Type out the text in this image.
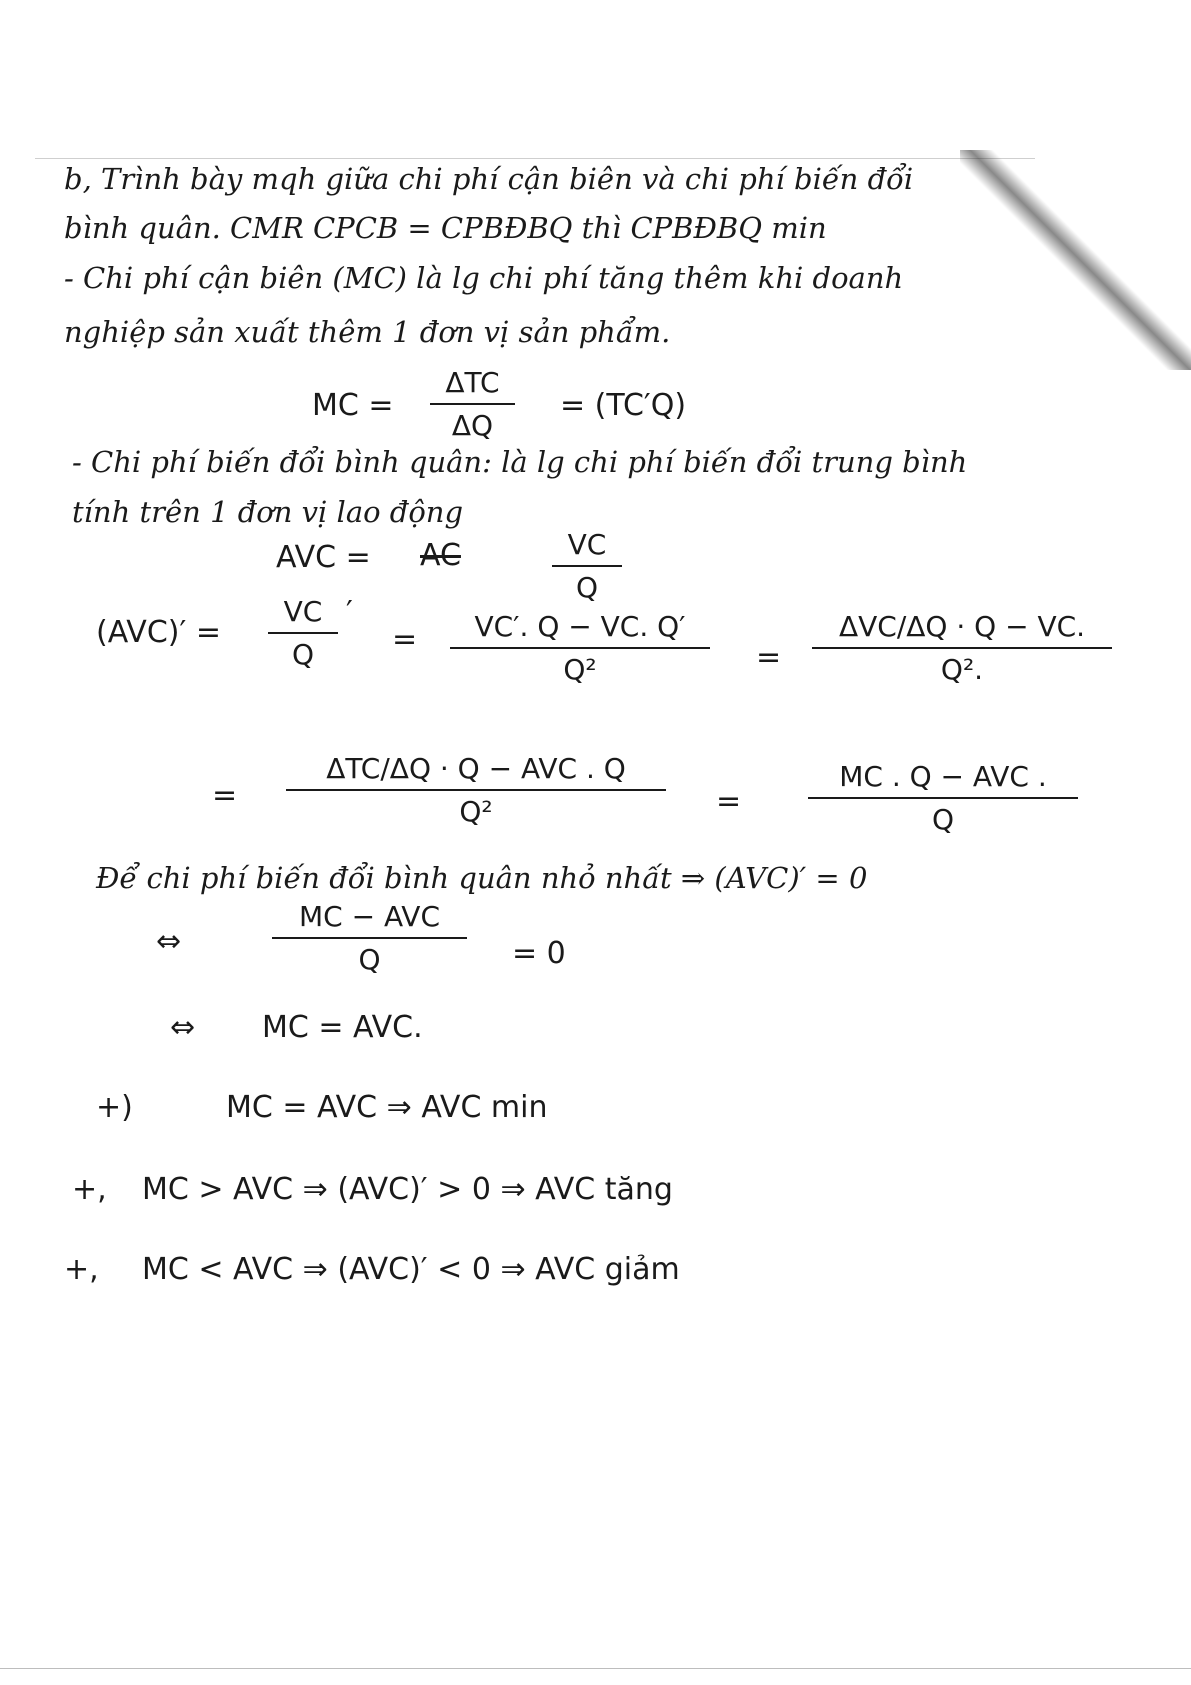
b, Trình bày mqh giữa chi phí cận biên và chi phí biến đổi
bình quân. CMR CPCB = CPBĐBQ thì CPBĐBQ min
- Chi phí cận biên (MC) là lg chi phí tăng thêm khi doanh
nghiệp sản xuất thêm 1 đơn vị sản phẩm.
MC =
ΔTC
ΔQ
= (TC′Q)
- Chi phí biến đổi bình quân: là lg chi phí biến đổi trung bình
tính trên 1 đơn vị lao động
AVC = AC	VC
Q
(AVC)′ =
VC
Q
′
=	VC′. Q − VC. Q′
Q²	=
ΔVC/ΔQ · Q − VC.
Q².
=
ΔTC/ΔQ · Q − AVC . Q
Q²	=
MC . Q − AVC .
Q
Để chi phí biến đổi bình quân nhỏ nhất ⇒ (AVC)′ = 0
⇔
MC − AVC
Q	= 0
⇔ MC = AVC.
+)	MC = AVC ⇒ AVC min
+, MC > AVC ⇒ (AVC)′ > 0 ⇒ AVC tăng
+, MC < AVC ⇒ (AVC)′ < 0 ⇒ AVC giảm
